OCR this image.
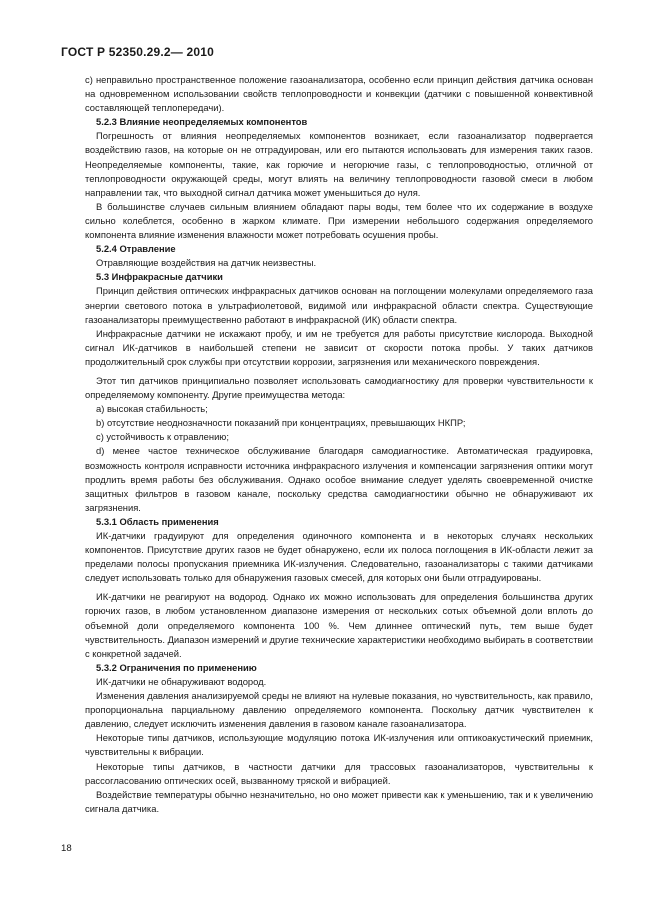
ГОСТ Р 52350.29.2— 2010

c) неправильно пространственное положение газоанализатора, особенно если принцип действия датчика основан на одновременном использовании свойств теплопроводности и конвекции (датчики с повышенной конвективной составляющей теплопередачи).

5.2.3 Влияние неопределяемых компонентов

Погрешность от влияния неопределяемых компонентов возникает, если газоанализатор подвергается воздействию газов, на которые он не отградуирован, или его пытаются использовать для измерения таких газов. Неопределяемые компоненты, такие, как горючие и негорючие газы, с теплопроводностью, отличной от теплопроводности окружающей среды, могут влиять на величину теплопроводности газовой смеси в любом направлении так, что выходной сигнал датчика может уменьшиться до нуля.

В большинстве случаев сильным влиянием обладают пары воды, тем более что их содержание в воздухе сильно колеблется, особенно в жарком климате. При измерении небольшого содержания определяемого компонента влияние изменения влажности может потребовать осушения пробы.

5.2.4 Отравление

Отравляющие воздействия на датчик неизвестны.

5.3 Инфракрасные датчики

Принцип действия оптических инфракрасных датчиков основан на поглощении молекулами определяемого газа энергии светового потока в ультрафиолетовой, видимой или инфракрасной области спектра. Существующие газоанализаторы преимущественно работают в инфракрасной (ИК) области спектра.

Инфракрасные датчики не искажают пробу, и им не требуется для работы присутствие кислорода. Выходной сигнал ИК-датчиков в наибольшей степени не зависит от скорости потока пробы. У таких датчиков продолжительный срок службы при отсутствии коррозии, загрязнения или механического повреждения.

Этот тип датчиков принципиально позволяет использовать самодиагностику для проверки чувствительности к определяемому компоненту. Другие преимущества метода:

a) высокая стабильность;

b) отсутствие неоднозначности показаний при концентрациях, превышающих НКПР;

c) устойчивость к отравлению;

d) менее частое техническое обслуживание благодаря самодиагностике. Автоматическая градуировка, возможность контроля исправности источника инфракрасного излучения и компенсации загрязнения оптики могут продлить время работы без обслуживания. Однако особое внимание следует уделять своевременной очистке защитных фильтров в газовом канале, поскольку средства самодиагностики обычно не обнаруживают их загрязнения.

5.3.1 Область применения

ИК-датчики градуируют для определения одиночного компонента и в некоторых случаях нескольких компонентов. Присутствие других газов не будет обнаружено, если их полоса поглощения в ИК-области лежит за пределами полосы пропускания приемника ИК-излучения. Следовательно, газоанализаторы с такими датчиками следует использовать только для обнаружения газовых смесей, для которых они были отградуированы.

ИК-датчики не реагируют на водород. Однако их можно использовать для определения большинства других горючих газов, в любом установленном диапазоне измерения от нескольких сотых объемной доли вплоть до объемной доли определяемого компонента 100 %. Чем длиннее оптический путь, тем выше будет чувствительность. Диапазон измерений и другие технические характеристики необходимо выбирать в соответствии с конкретной задачей.

5.3.2 Ограничения по применению

ИК-датчики не обнаруживают водород.

Изменения давления анализируемой среды не влияют на нулевые показания, но чувствительность, как правило, пропорциональна парциальному давлению определяемого компонента. Поскольку датчик чувствителен к давлению, следует исключить изменения давления в газовом канале газоанализатора.

Некоторые типы датчиков, использующие модуляцию потока ИК-излучения или оптикоакустический приемник, чувствительны к вибрации.

Некоторые типы датчиков, в частности датчики для трассовых газоанализаторов, чувствительны к рассогласованию оптических осей, вызванному тряской и вибрацией.

Воздействие температуры обычно незначительно, но оно может привести как к уменьшению, так и к увеличению сигнала датчика.

18
